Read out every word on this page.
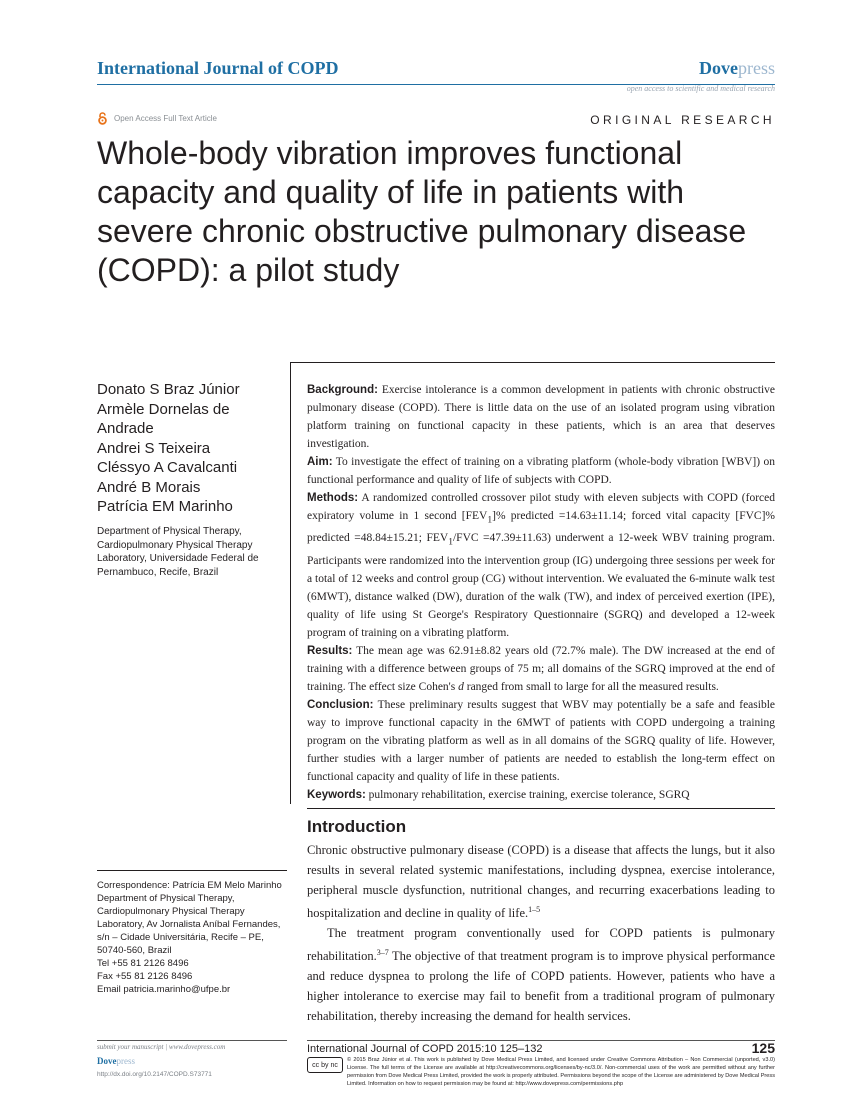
International Journal of COPD	Dovepress
open access to scientific and medical research
Open Access Full Text Article	ORIGINAL RESEARCH
Whole-body vibration improves functional capacity and quality of life in patients with severe chronic obstructive pulmonary disease (COPD): a pilot study
Donato S Braz Júnior
Armèle Dornelas de
Andrade
Andrei S Teixeira
Cléssyo A Cavalcanti
André B Morais
Patrícia EM Marinho
Department of Physical Therapy, Cardiopulmonary Physical Therapy Laboratory, Universidade Federal de Pernambuco, Recife, Brazil

Background: Exercise intolerance is a common development in patients with chronic obstructive pulmonary disease (COPD). There is little data on the use of an isolated program using vibration platform training on functional capacity in these patients, which is an area that deserves investigation.

Aim: To investigate the effect of training on a vibrating platform (whole-body vibration [WBV]) on functional performance and quality of life of subjects with COPD.

Methods: A randomized controlled crossover pilot study with eleven subjects with COPD (forced expiratory volume in 1 second $[FEV_1]\%$ predicted =14.63±11.14; forced vital capacity [FVC]% predicted =48.84±15.21; $FEV_1$/FVC =47.39±11.63) underwent a 12-week WBV training program. Participants were randomized into the intervention group (IG) undergoing three sessions per week for a total of 12 weeks and control group (CG) without intervention. We evaluated the 6-minute walk test (6MWT), distance walked (DW), duration of the walk (TW), and index of perceived exertion (IPE), quality of life using St George's Respiratory Questionnaire (SGRQ) and developed a 12-week program of training on a vibrating platform.

Results: The mean age was 62.91±8.82 years old (72.7% male). The DW increased at the end of training with a difference between groups of 75 m; all domains of the SGRQ improved at the end of training. The effect size Cohen's d ranged from small to large for all the measured results.

Conclusion: These preliminary results suggest that WBV may potentially be a safe and feasible way to improve functional capacity in the 6MWT of patients with COPD undergoing a training program on the vibrating platform as well as in all domains of the SGRQ quality of life. However, further studies with a larger number of patients are needed to establish the long-term effect on functional capacity and quality of life in these patients.

Keywords: pulmonary rehabilitation, exercise training, exercise tolerance, SGRQ

Introduction

Chronic obstructive pulmonary disease (COPD) is a disease that affects the lungs, but it also results in several related systemic manifestations, including dyspnea, exercise intolerance, peripheral muscle dysfunction, nutritional changes, and recurring exacerbations leading to hospitalization and decline in quality of life.$^{1-5}$

The treatment program conventionally used for COPD patients is pulmonary rehabilitation.$^{3-7}$ The objective of that treatment program is to improve physical performance and reduce dyspnea to prolong the life of COPD patients. However, patients who have a higher intolerance to exercise may fail to benefit from a traditional program of pulmonary rehabilitation, thereby increasing the demand for health services.

Correspondence: Patrícia EM Melo Marinho
Department of Physical Therapy, Cardiopulmonary Physical Therapy Laboratory, Av Jornalista Aníbal Fernandes, s/n – Cidade Universitária, Recife – PE, 50740-560, Brazil
Tel +55 81 2126 8496
Fax +55 81 2126 8496
Email patricia.marinho@ufpe.br
submit your manuscript | www.dovepress.com
Dovepress
http://dx.doi.org/10.2147/COPD.S73771
International Journal of COPD 2015:10 125–132	125
cc by nc
© 2015 Braz Júnior et al. This work is published by Dove Medical Press Limited, and licensed under Creative Commons Attribution – Non Commercial (unported, v3.0) License. The full terms of the License are available at http://creativecommons.org/licenses/by-nc/3.0/. Non-commercial uses of the work are permitted without any further permission from Dove Medical Press Limited, provided the work is properly attributed. Permissions beyond the scope of the License are administered by Dove Medical Press Limited. Information on how to request permission may be found at: http://www.dovepress.com/permissions.php
